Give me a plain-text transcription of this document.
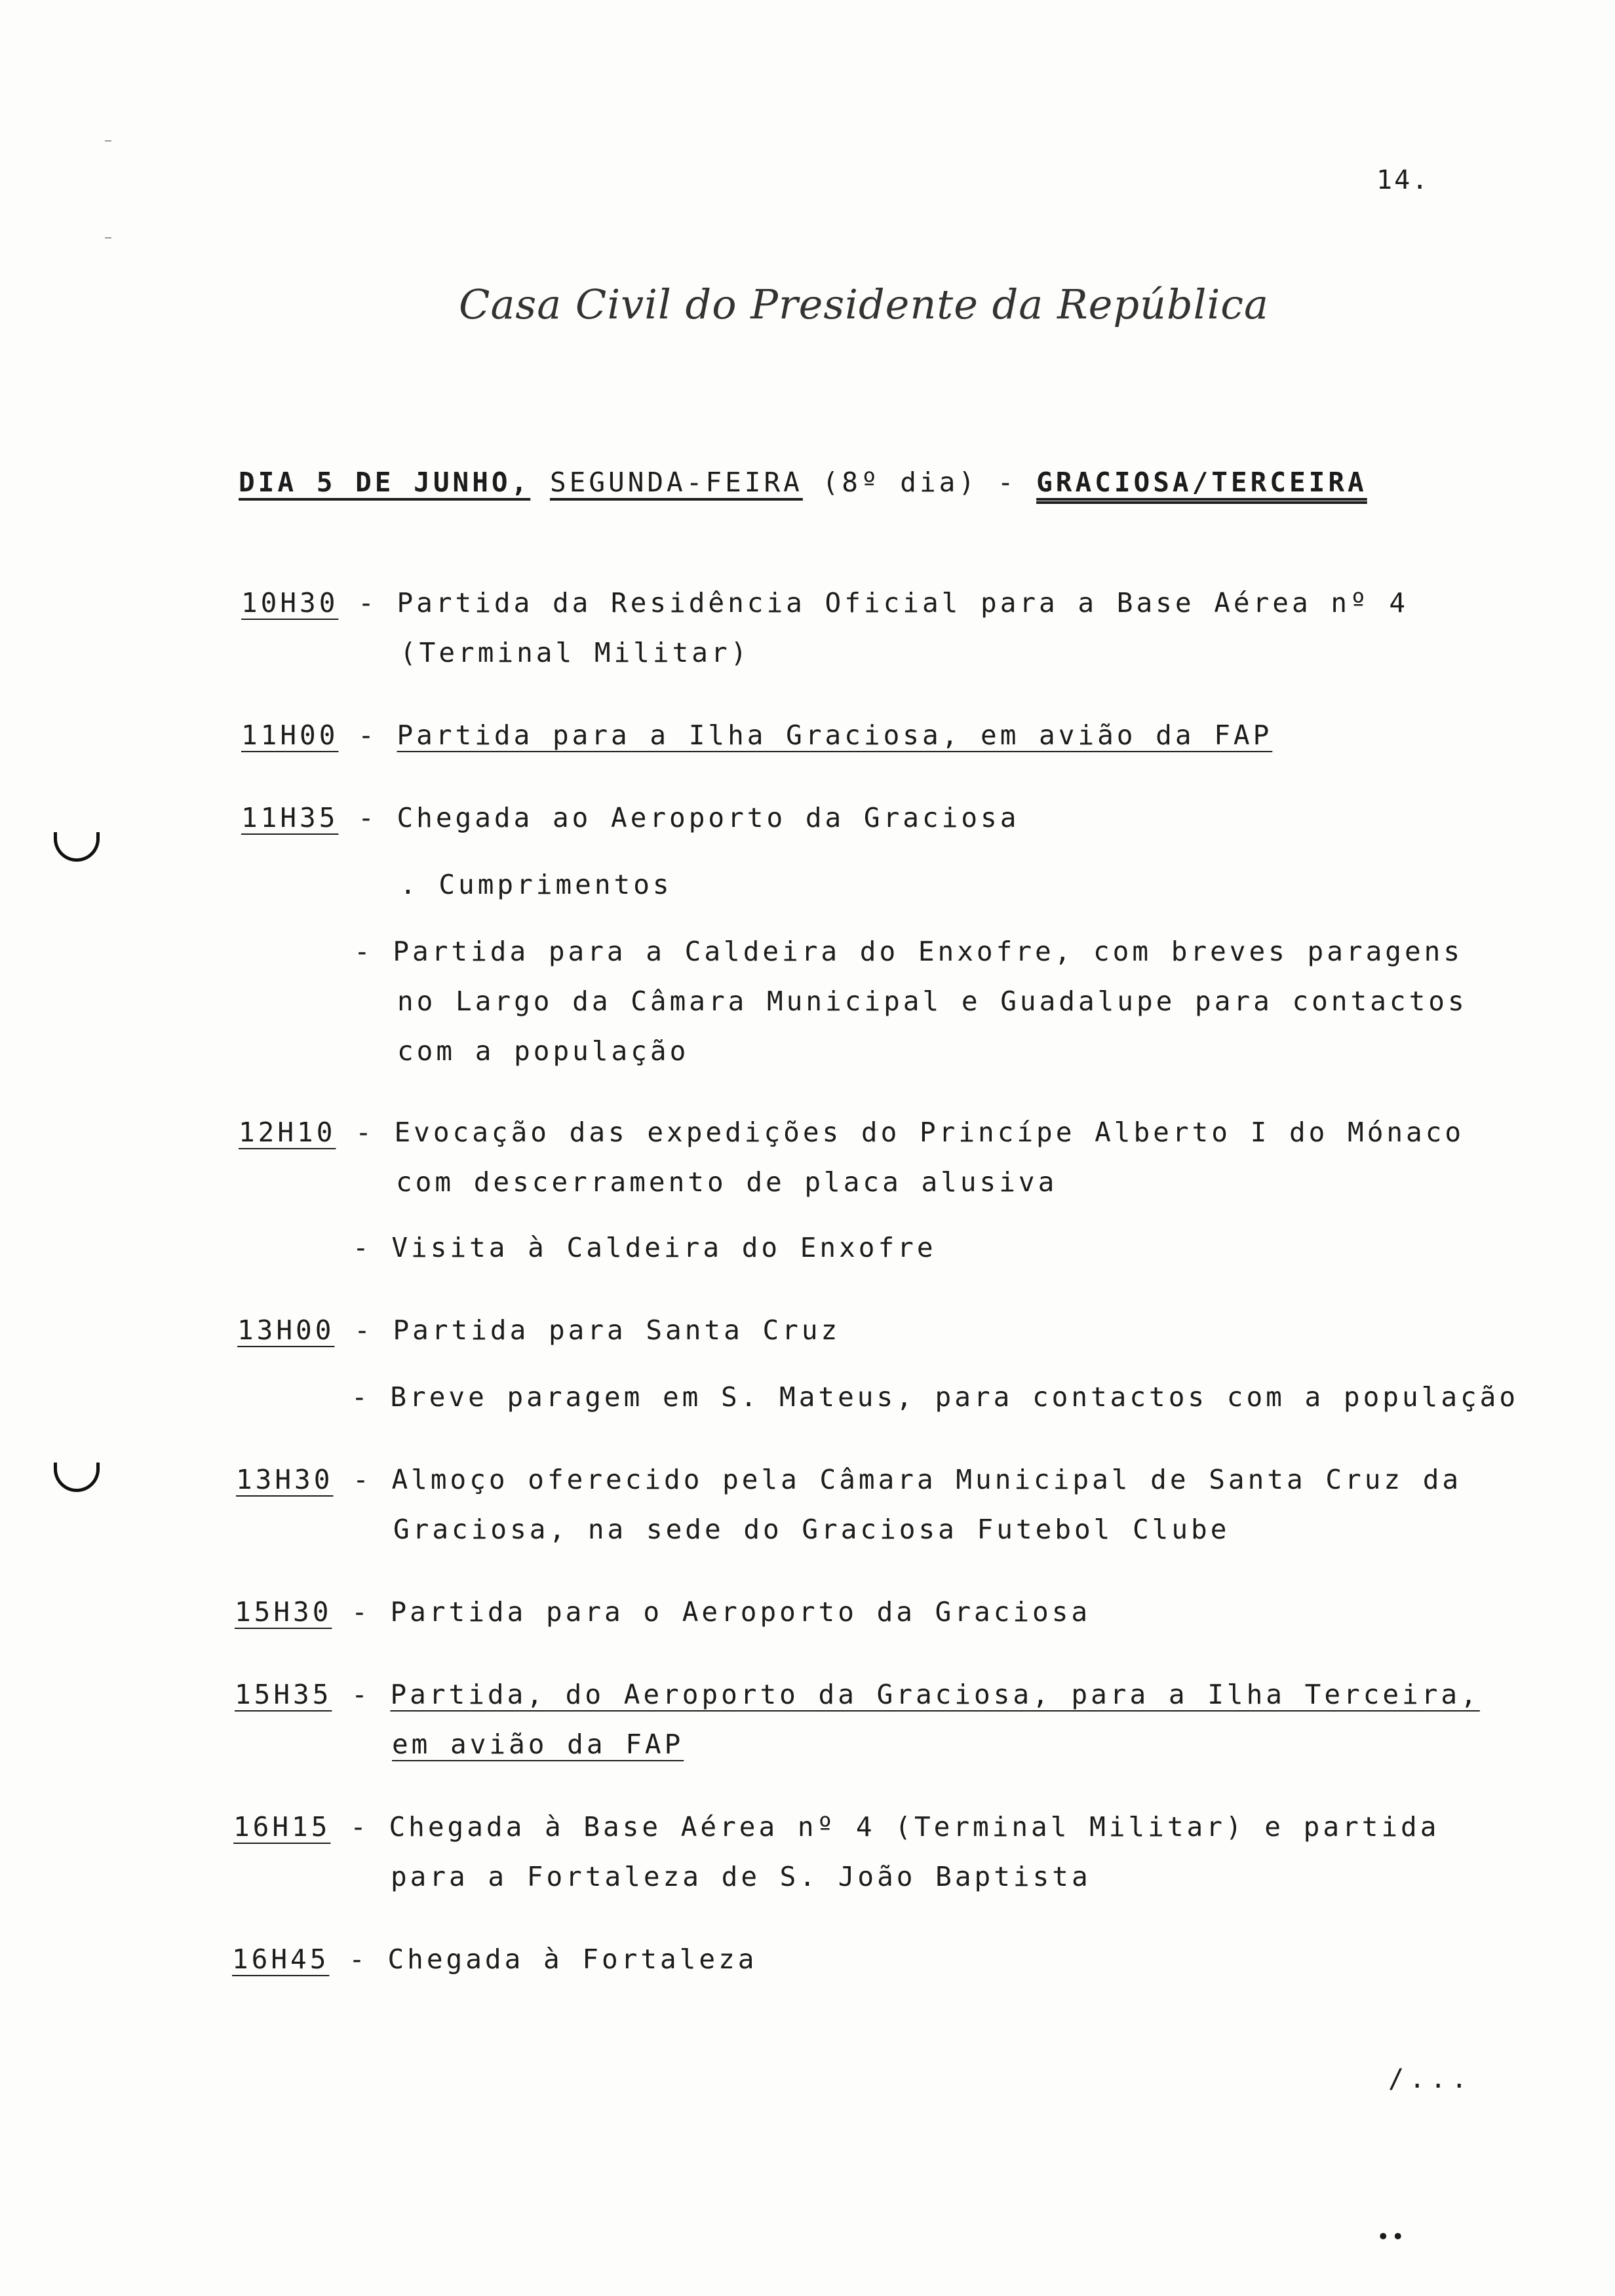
14.
Casa Civil do Presidente da República
DIA 5 DE JUNHO, SEGUNDA-FEIRA (8º dia) - GRACIOSA/TERCEIRA
10H30 - Partida da Residência Oficial para a Base Aérea nº 4
(Terminal Militar)
11H00 - Partida para a Ilha Graciosa, em avião da FAP
11H35 - Chegada ao Aeroporto da Graciosa
. Cumprimentos
- Partida para a Caldeira do Enxofre, com breves paragens
no Largo da Câmara Municipal e Guadalupe para contactos
com a população
12H10 - Evocação das expedições do Princípe Alberto I do Mónaco
com descerramento de placa alusiva
- Visita à Caldeira do Enxofre
13H00 - Partida para Santa Cruz
- Breve paragem em S. Mateus, para contactos com a população
13H30 - Almoço oferecido pela Câmara Municipal de Santa Cruz da
Graciosa, na sede do Graciosa Futebol Clube
15H30 - Partida para o Aeroporto da Graciosa
15H35 - Partida, do Aeroporto da Graciosa, para a Ilha Terceira,
em avião da FAP
16H15 - Chegada à Base Aérea nº 4 (Terminal Militar) e partida
para a Fortaleza de S. João Baptista
16H45 - Chegada à Fortaleza
/...
••
